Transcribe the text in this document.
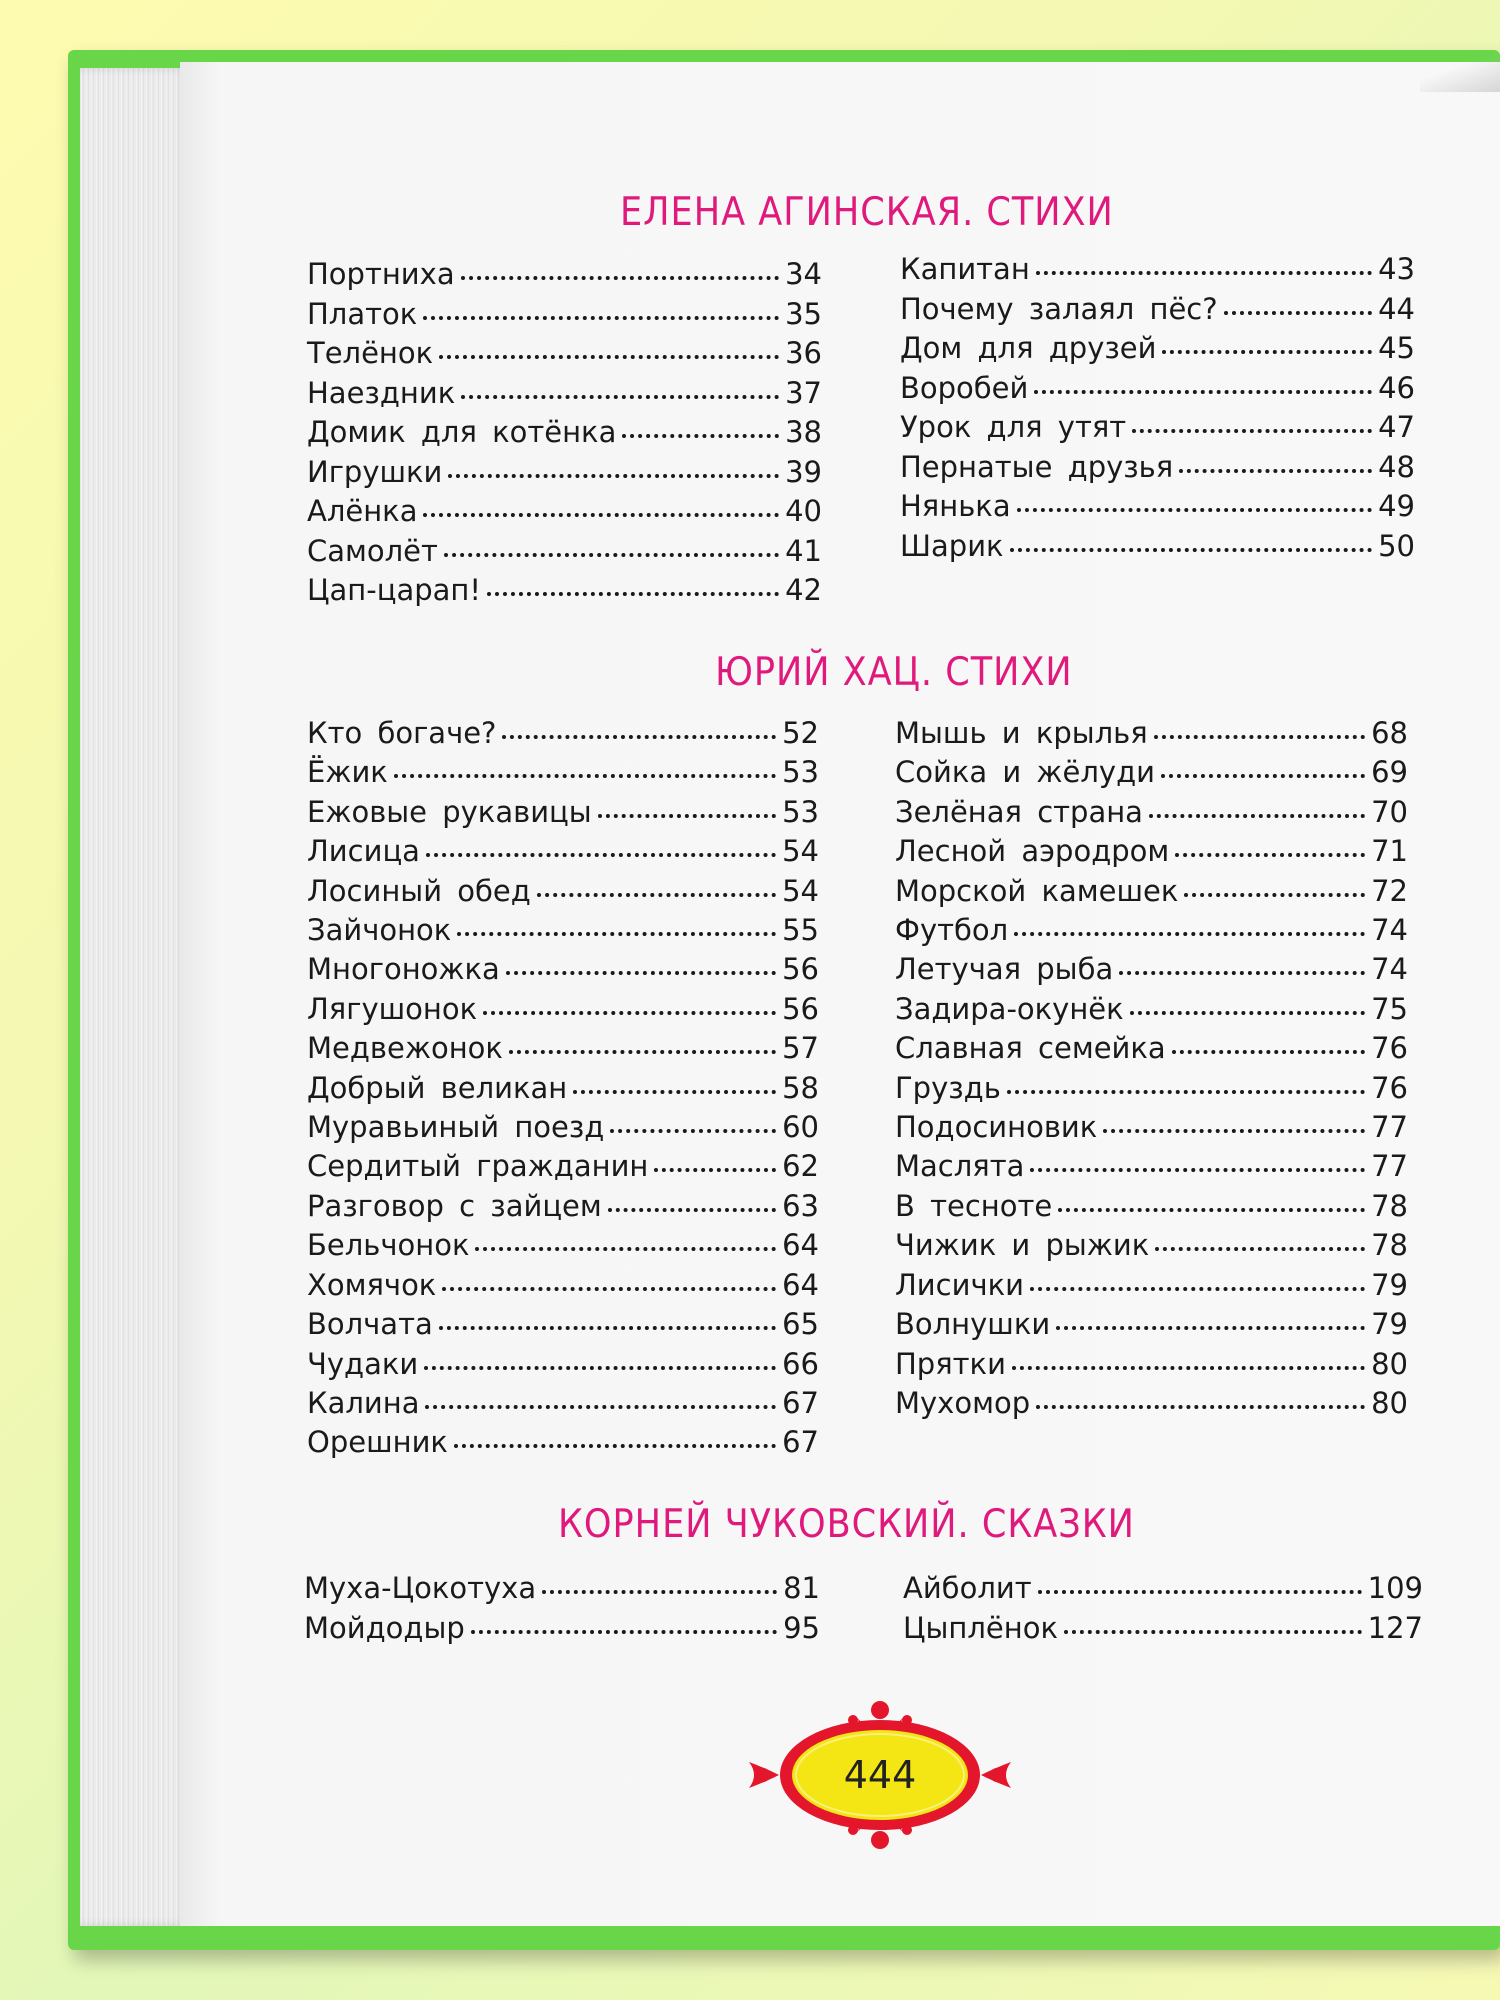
ЕЛЕНА АГИНСКАЯ. СТИХИ
Портниха	34
Платок	35
Телёнок	36
Наездник	37
Домик для котёнка	38
Игрушки	39
Алёнка	40
Самолёт	41
Цап-царап!	42
Капитан	43
Почему залаял пёс?	44
Дом для друзей	45
Воробей	46
Урок для утят	47
Пернатые друзья	48
Нянька	49
Шарик	50
ЮРИЙ ХАЦ. СТИХИ
Кто богаче?	52
Ёжик	53
Ежовые рукавицы	53
Лисица	54
Лосиный обед	54
Зайчонок	55
Многоножка	56
Лягушонок	56
Медвежонок	57
Добрый великан	58
Муравьиный поезд	60
Сердитый гражданин	62
Разговор с зайцем	63
Бельчонок	64
Хомячок	64
Волчата	65
Чудаки	66
Калина	67
Орешник	67
Мышь и крылья	68
Сойка и жёлуди	69
Зелёная страна	70
Лесной аэродром	71
Морской камешек	72
Футбол	74
Летучая рыба	74
Задира-окунёк	75
Славная семейка	76
Груздь	76
Подосиновик	77
Маслята	77
В тесноте	78
Чижик и рыжик	78
Лисички	79
Волнушки	79
Прятки	80
Мухомор	80
КОРНЕЙ ЧУКОВСКИЙ. СКАЗКИ
Муха-Цокотуха	81
Мойдодыр	95
Айболит	109
Цыплёнок	127
444
